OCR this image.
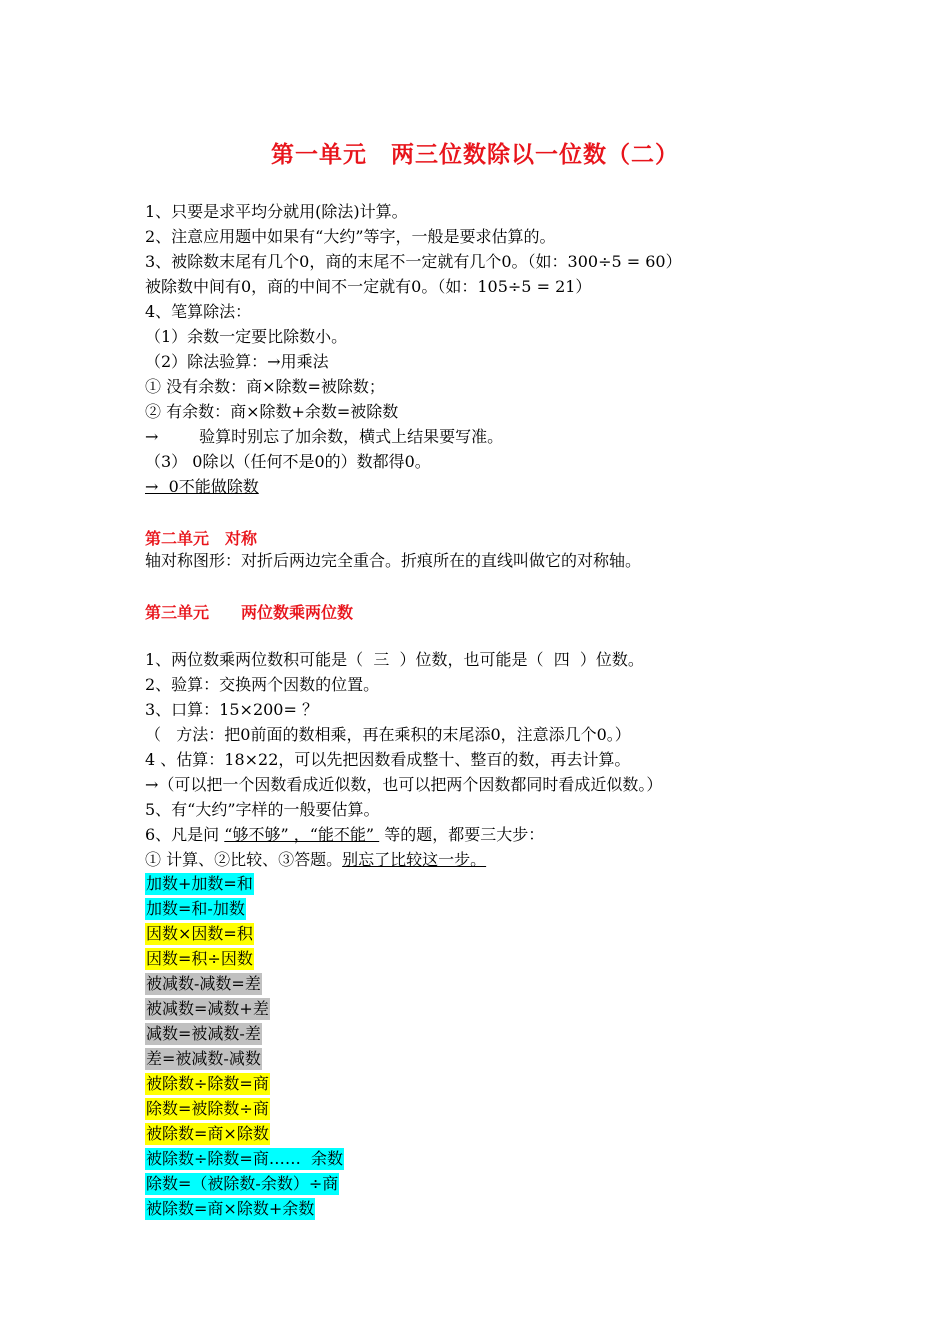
第一单元　两三位数除以一位数（二）
1、只要是求平均分就用(除法)计算。
2、注意应用题中如果有“大约”等字，一般是要求估算的。
3、被除数末尾有几个0，商的末尾不一定就有几个0。（如：300÷5 = 60）
被除数中间有0，商的中间不一定就有0。（如：105÷5 = 21）
4、笔算除法：
（1）余数一定要比除数小。
（2）除法验算：→用乘法
① 没有余数：商×除数=被除数；
② 有余数：商×除数+余数=被除数
→        验算时别忘了加余数，横式上结果要写准。
（3） 0除以（任何不是0的）数都得0。
→  0不能做除数
第二单元　对称
轴对称图形：对折后两边完全重合。折痕所在的直线叫做它的对称轴。
第三单元　　两位数乘两位数
1、两位数乘两位数积可能是（  三  ）位数，也可能是（  四  ）位数。
2、验算：交换两个因数的位置。
3、口算：15×200= ？
（   方法：把0前面的数相乘，再在乘积的末尾添0，注意添几个0。）
4 、估算：18×22，可以先把因数看成整十、整百的数，再去计算。
→（可以把一个因数看成近似数，也可以把两个因数都同时看成近似数。）
5、有“大约”字样的一般要估算。
6、凡是问 “够不够” ，“能不能”  等的题，都要三大步：
① 计算、②比较、③答题。别忘了比较这一步。
加数+加数=和
加数=和-加数
因数×因数=积
因数=积÷因数
被减数-减数=差
被减数=减数+差
减数=被减数-差
差=被减数-减数
被除数÷除数=商
除数=被除数÷商
被除数=商×除数
被除数÷除数=商……  余数
除数=（被除数-余数）÷商
被除数=商×除数+余数
